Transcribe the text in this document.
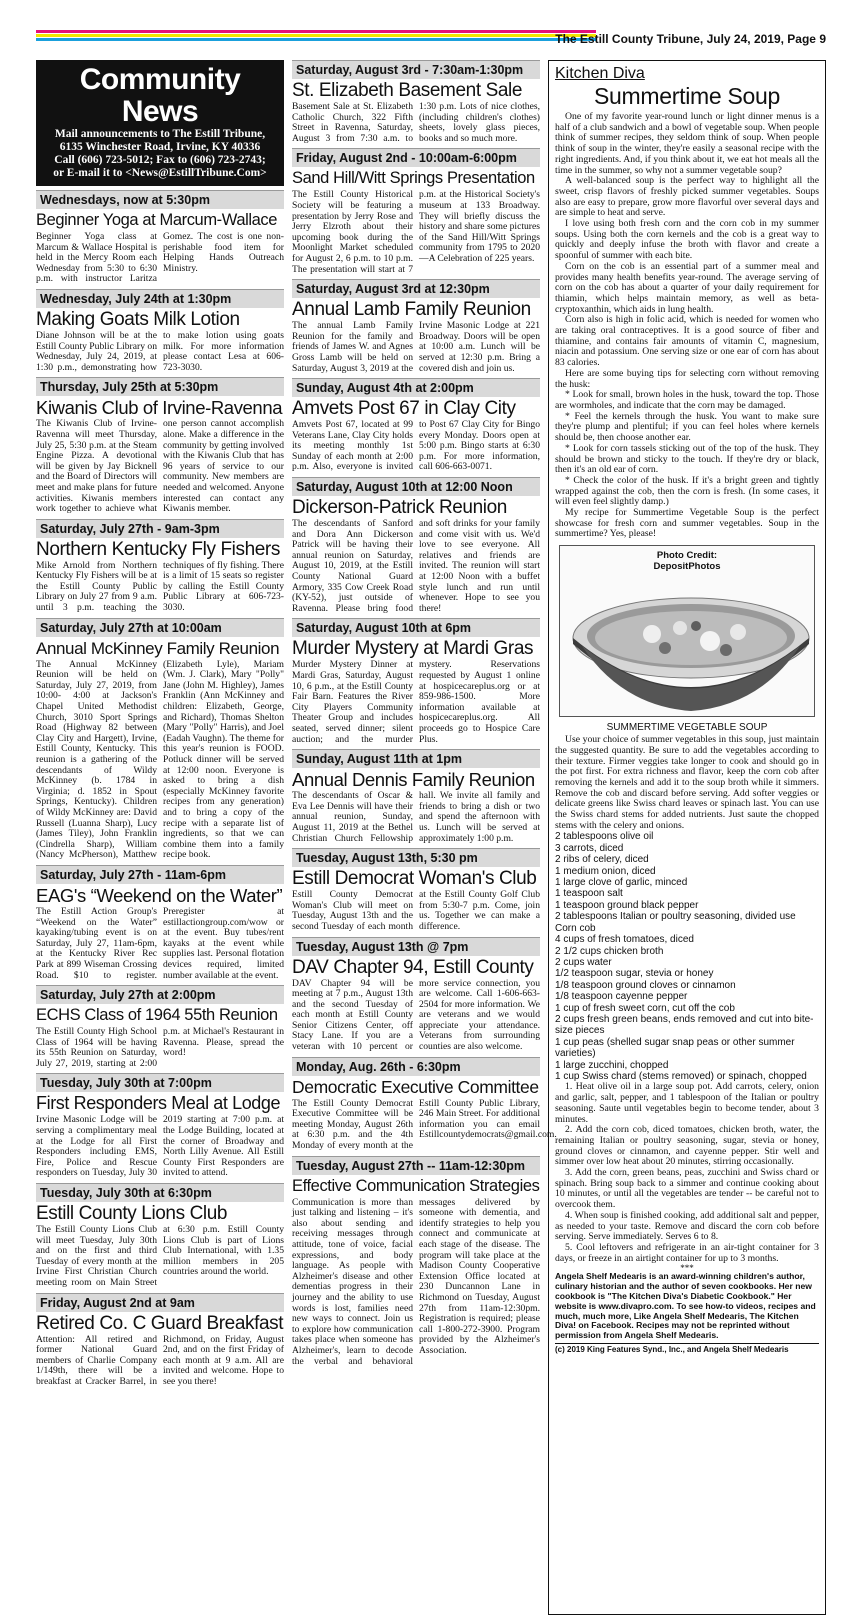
The Estill County Tribune, July 24, 2019, Page 9
Community News
Mail announcements to The Estill Tribune,
6135 Winchester Road, Irvine, KY 40336
Call (606) 723-5012; Fax to (606) 723-2743;
or E-mail it to <News@EstillTribune.Com>
Wednesdays, now at 5:30pm
Beginner Yoga at Marcum-Wallace
Beginner Yoga class at Marcum & Wallace Hospital is held in the Mercy Room each Wednesday from 5:30 to 6:30 p.m. with instructor Laritza Gomez. The cost is one non-perishable food item for Helping Hands Outreach Ministry.
Wednesday, July 24th at 1:30pm
Making Goats Milk Lotion
Diane Johnson will be at the Estill County Public Library on Wednesday, July 24, 2019, at 1:30 p.m., demonstrating how to make lotion using goats milk. For more information please contact Lesa at 606-723-3030.
Thursday, July 25th at 5:30pm
Kiwanis Club of Irvine-Ravenna
The Kiwanis Club of Irvine-Ravenna will meet Thursday, July 25, 5:30 p.m. at the Steam Engine Pizza. A devotional will be given by Jay Bicknell and the Board of Directors will meet and make plans for future activities. Kiwanis members work together to achieve what one person cannot accomplish alone. Make a difference in the community by getting involved with the Kiwanis Club that has 96 years of service to our community. New members are needed and welcomed. Anyone interested can contact any Kiwanis member.
Saturday, July 27th - 9am-3pm
Northern Kentucky Fly Fishers
Mike Arnold from Northern Kentucky Fly Fishers will be at the Estill County Public Library on July 27 from 9 a.m. until 3 p.m. teaching the techniques of fly fishing. There is a limit of 15 seats so register by calling the Estill County Public Library at 606-723-3030.
Saturday, July 27th at 10:00am
Annual McKinney Family Reunion
The Annual McKinney Reunion will be held on Saturday, July 27, 2019, from 10:00- 4:00 at Jackson's Chapel United Methodist Church, 3010 Sport Springs Road (Highway 82 between Clay City and Hargett), Irvine, Estill County, Kentucky. This reunion is a gathering of the descendants of Wildy McKinney (b. 1784 in Virginia; d. 1852 in Spout Springs, Kentucky). Children of Wildy McKinney are: David Russell (Luanna Sharp), Lucy (James Tiley), John Franklin (Cindrella Sharp), William (Nancy McPherson), Matthew (Elizabeth Lyle), Mariam (Wm. J. Clark), Mary "Polly" Jane (John M. Highley), James Franklin (Ann McKinney and children: Elizabeth, George, and Richard), Thomas Shelton (Mary "Polly" Harris), and Joel (Eadah Vaughn). The theme for this year's reunion is FOOD. Potluck dinner will be served at 12:00 noon. Everyone is asked to bring a dish (especially McKinney favorite recipes from any generation) and to bring a copy of the recipe with a separate list of ingredients, so that we can combine them into a family recipe book.
Saturday, July 27th - 11am-6pm
EAG's “Weekend on the Water”
The Estill Action Group's “Weekend on the Water” kayaking/tubing event is on Saturday, July 27, 11am-6pm, at the Kentucky River Rec Park at 899 Wiseman Crossing Road. $10 to register. Preregister at estillactiongroup.com/wow or at the event. Buy tubes/rent kayaks at the event while supplies last. Personal flotation devices required, limited number available at the event.
Saturday, July 27th at 2:00pm
ECHS Class of 1964 55th Reunion
The Estill County High School Class of 1964 will be having its 55th Reunion on Saturday, July 27, 2019, starting at 2:00 p.m. at Michael's Restaurant in Ravenna. Please, spread the word!
Tuesday, July 30th at 7:00pm
First Responders Meal at Lodge
Irvine Masonic Lodge will be serving a complimentary meal at the Lodge for all First Responders including EMS, Fire, Police and Rescue responders on Tuesday, July 30 2019 starting at 7:00 p.m. at the Lodge Building, located at the corner of Broadway and North Lilly Avenue. All Estill County First Responders are invited to attend.
Tuesday, July 30th at 6:30pm
Estill County Lions Club
The Estill County Lions Club will meet Tuesday, July 30th and on the first and third Tuesday of every month at the Irvine First Christian Church meeting room on Main Street at 6:30 p.m. Estill County Lions Club is part of Lions Club International, with 1.35 million members in 205 countries around the world.
Friday, August 2nd at 9am
Retired Co. C Guard Breakfast
Attention: All retired and former National Guard members of Charlie Company 1/149th, there will be a breakfast at Cracker Barrel, in Richmond, on Friday, August 2nd, and on the first Friday of each month at 9 a.m. All are invited and welcome. Hope to see you there!
Saturday, August 3rd - 7:30am-1:30pm
St. Elizabeth Basement Sale
Basement Sale at St. Elizabeth Catholic Church, 322 Fifth Street in Ravenna, Saturday, August 3 from 7:30 a.m. to 1:30 p.m. Lots of nice clothes,(including children's clothes) sheets, lovely glass pieces, books and so much more.
Friday, August 2nd - 10:00am-6:00pm
Sand Hill/Witt Springs Presentation
The Estill County Historical Society will be featuring a presentation by Jerry Rose and Jerry Elzroth about their upcoming book during the Moonlight Market scheduled for August 2, 6 p.m. to 10 p.m. The presentation will start at 7 p.m. at the Historical Society's museum at 133 Broadway. They will briefly discuss the history and share some pictures of the Sand Hill/Witt Springs community from 1795 to 2020—A Celebration of 225 years.
Saturday, August 3rd at 12:30pm
Annual Lamb Family Reunion
The annual Lamb Family Reunion for the family and friends of James W. and Agnes Gross Lamb will be held on Saturday, August 3, 2019 at the Irvine Masonic Lodge at 221 Broadway. Doors will be open at 10:00 a.m. Lunch will be served at 12:30 p.m. Bring a covered dish and join us.
Sunday, August 4th at 2:00pm
Amvets Post 67 in Clay City
Amvets Post 67, located at 99 Veterans Lane, Clay City holds its meeting monthly 1st Sunday of each month at 2:00 p.m. Also, everyone is invited to Post 67 Clay City for Bingo every Monday. Doors open at 5:00 p.m. Bingo starts at 6:30 p.m. For more information, call 606-663-0071.
Saturday, August 10th at 12:00 Noon
Dickerson-Patrick Reunion
The descendants of Sanford and Dora Ann Dickerson Patrick will be having their annual reunion on Saturday, August 10, 2019, at the Estill County National Guard Armory, 335 Cow Creek Road (KY-52), just outside of Ravenna. Please bring food and soft drinks for your family and come visit with us. We'd love to see everyone. All relatives and friends are invited. The reunion will start at 12:00 Noon with a buffet style lunch and run until whenever. Hope to see you there!
Saturday, August 10th at 6pm
Murder Mystery at Mardi Gras
Murder Mystery Dinner at Mardi Gras, Saturday, August 10, 6 p.m., at the Estill County Fair Barn. Features the River City Players Community Theater Group and includes seated, served dinner; silent auction; and the murder mystery. Reservations requested by August 1 online at hospicecareplus.org or at 859-986-1500. More information available at hospicecareplus.org. All proceeds go to Hospice Care Plus.
Sunday, August 11th at 1pm
Annual Dennis Family Reunion
The descendants of Oscar & Eva Lee Dennis will have their annual reunion, Sunday, August 11, 2019 at the Bethel Christian Church Fellowship hall. We invite all family and friends to bring a dish or two and spend the afternoon with us. Lunch will be served at approximately 1:00 p.m.
Tuesday, August 13th, 5:30 pm
Estill Democrat Woman's Club
Estill County Democrat Woman's Club will meet on Tuesday, August 13th and the second Tuesday of each month at the Estill County Golf Club from 5:30-7 p.m. Come, join us. Together we can make a difference.
Tuesday, August 13th @ 7pm
DAV Chapter 94, Estill County
DAV Chapter 94 will be meeting at 7 p.m., August 13th and the second Tuesday of each month at Estill County Senior Citizens Center, off Stacy Lane. If you are a veteran with 10 percent or more service connection, you are welcome. Call 1-606-663-2504 for more information. We are veterans and we would appreciate your attendance. Veterans from surrounding counties are also welcome.
Monday, Aug. 26th - 6:30pm
Democratic Executive Committee
The Estill County Democrat Executive Committee will be meeting Monday, August 26th at 6:30 p.m. and the 4th Monday of every month at the Estill County Public Library, 246 Main Street. For additional information you can email Estillcountydemocrats@gmail.com.
Tuesday, August 27th -- 11am-12:30pm
Effective Communication Strategies
Communication is more than just talking and listening – it's also about sending and receiving messages through attitude, tone of voice, facial expressions, and body language. As people with Alzheimer's disease and other dementias progress in their journey and the ability to use words is lost, families need new ways to connect. Join us to explore how communication takes place when someone has Alzheimer's, learn to decode the verbal and behavioral messages delivered by someone with dementia, and identify strategies to help you connect and communicate at each stage of the disease. The program will take place at the Madison County Cooperative Extension Office located at 230 Duncannon Lane in Richmond on Tuesday, August 27th from 11am-12:30pm. Registration is required; please call 1-800-272-3900. Program provided by the Alzheimer's Association.
Kitchen Diva
Summertime Soup
One of my favorite year-round lunch or light dinner menus is a half of a club sandwich and a bowl of vegetable soup. When people think of summer recipes, they seldom think of soup. When people think of soup in the winter, they're easily a seasonal recipe with the right ingredients. And, if you think about it, we eat hot meals all the time in the summer, so why not a summer vegetable soup?
A well-balanced soup is the perfect way to highlight all the sweet, crisp flavors of freshly picked summer vegetables. Soups also are easy to prepare, grow more flavorful over several days and are simple to heat and serve.
I love using both fresh corn and the corn cob in my summer soups. Using both the corn kernels and the cob is a great way to quickly and deeply infuse the broth with flavor and create a spoonful of summer with each bite.
Corn on the cob is an essential part of a summer meal and provides many health benefits year-round. The average serving of corn on the cob has about a quarter of your daily requirement for thiamin, which helps maintain memory, as well as beta-cryptoxanthin, which aids in lung health.
Corn also is high in folic acid, which is needed for women who are taking oral contraceptives. It is a good source of fiber and thiamine, and contains fair amounts of vitamin C, magnesium, niacin and potassium. One serving size or one ear of corn has about 83 calories.
Here are some buying tips for selecting corn without removing the husk:
* Look for small, brown holes in the husk, toward the top. Those are wormholes, and indicate that the corn may be damaged.
* Feel the kernels through the husk. You want to make sure they're plump and plentiful; if you can feel holes where kernels should be, then choose another ear.
* Look for corn tassels sticking out of the top of the husk. They should be brown and sticky to the touch. If they're dry or black, then it's an old ear of corn.
* Check the color of the husk. If it's a bright green and tightly wrapped against the cob, then the corn is fresh. (In some cases, it will even feel slightly damp.)
My recipe for Summertime Vegetable Soup is the perfect showcase for fresh corn and summer vegetables. Soup in the summertime? Yes, please!
Photo Credit:
DepositPhotos
SUMMERTIME VEGETABLE SOUP
Use your choice of summer vegetables in this soup, just maintain the suggested quantity. Be sure to add the vegetables according to their texture. Firmer veggies take longer to cook and should go in the pot first. For extra richness and flavor, keep the corn cob after removing the kernels and add it to the soup broth while it simmers. Remove the cob and discard before serving. Add softer veggies or delicate greens like Swiss chard leaves or spinach last. You can use the Swiss chard stems for added nutrients. Just saute the chopped stems with the celery and onions.
2 tablespoons olive oil
3 carrots, diced
2 ribs of celery, diced
1 medium onion, diced
1 large clove of garlic, minced
1 teaspoon salt
1 teaspoon ground black pepper
2 tablespoons Italian or poultry seasoning, divided use
Corn cob
4 cups of fresh tomatoes, diced
2 1/2 cups chicken broth
2 cups water
1/2 teaspoon sugar, stevia or honey
1/8 teaspoon ground cloves or cinnamon
1/8 teaspoon cayenne pepper
1 cup of fresh sweet corn, cut off the cob
2 cups fresh green beans, ends removed and cut into bite-size pieces
1 cup peas (shelled sugar snap peas or other summer varieties)
1 large zucchini, chopped
1 cup Swiss chard (stems removed) or spinach, chopped
1. Heat olive oil in a large soup pot. Add carrots, celery, onion and garlic, salt, pepper, and 1 tablespoon of the Italian or poultry seasoning. Saute until vegetables begin to become tender, about 3 minutes.
2. Add the corn cob, diced tomatoes, chicken broth, water, the remaining Italian or poultry seasoning, sugar, stevia or honey, ground cloves or cinnamon, and cayenne pepper. Stir well and simmer over low heat about 20 minutes, stirring occasionally.
3. Add the corn, green beans, peas, zucchini and Swiss chard or spinach. Bring soup back to a simmer and continue cooking about 10 minutes, or until all the vegetables are tender -- be careful not to overcook them.
4. When soup is finished cooking, add additional salt and pepper, as needed to your taste. Remove and discard the corn cob before serving. Serve immediately. Serves 6 to 8.
5. Cool leftovers and refrigerate in an air-tight container for 3 days, or freeze in an airtight container for up to 3 months.
***
Angela Shelf Medearis is an award-winning children's author, culinary historian and the author of seven cookbooks. Her new cookbook is "The Kitchen Diva's Diabetic Cookbook." Her website is www.divapro.com. To see how-to videos, recipes and much, much more, Like Angela Shelf Medearis, The Kitchen Diva! on Facebook. Recipes may not be reprinted without permission from Angela Shelf Medearis.
(c) 2019 King Features Synd., Inc., and Angela Shelf Medearis
